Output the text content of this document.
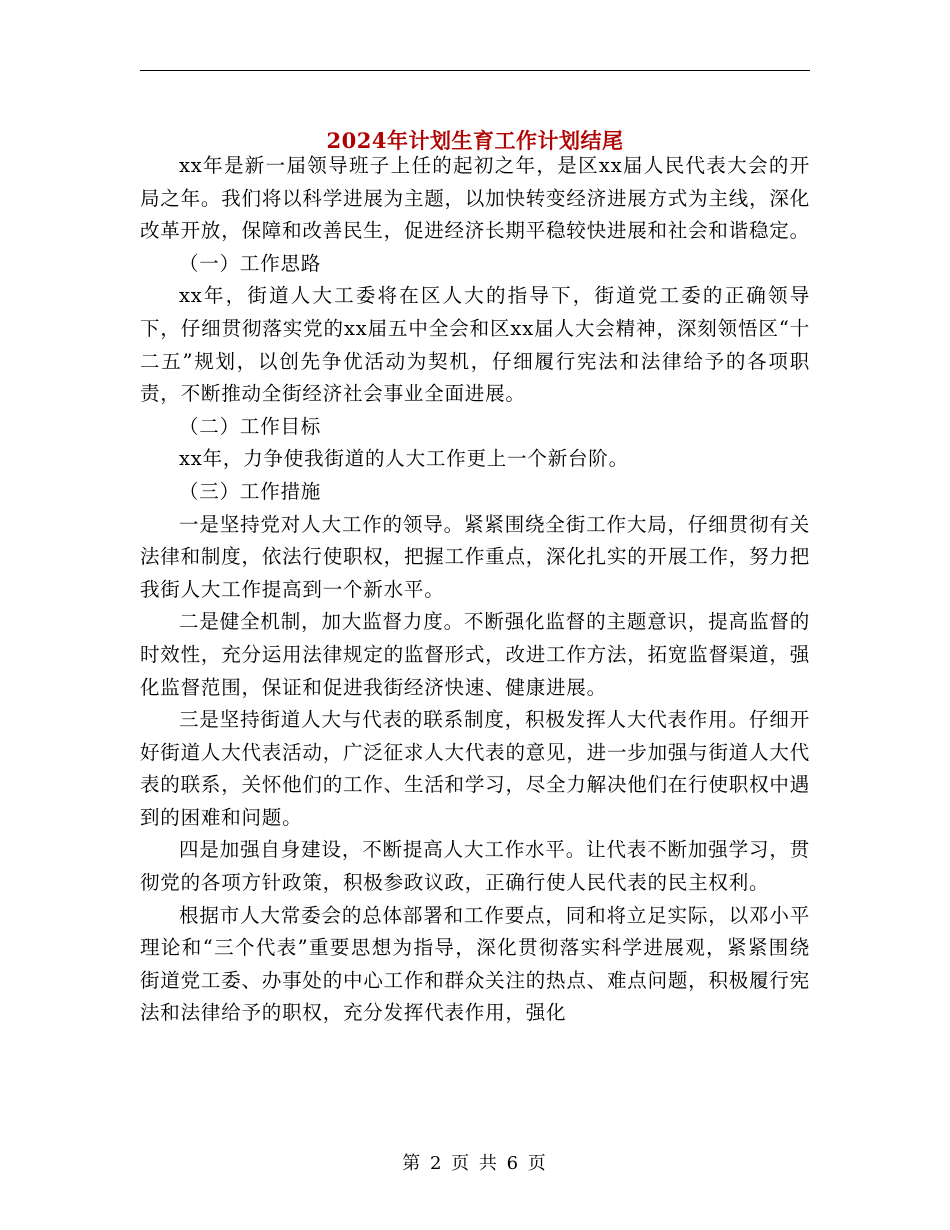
2024年计划生育工作计划结尾

xx年是新一届领导班子上任的起初之年，是区xx届人民代表大会的开局之年。我们将以科学进展为主题，以加快转变经济进展方式为主线，深化改革开放，保障和改善民生，促进经济长期平稳较快进展和社会和谐稳定。

（一）工作思路

xx年，街道人大工委将在区人大的指导下，街道党工委的正确领导下，仔细贯彻落实党的xx届五中全会和区xx届人大会精神，深刻领悟区“十二五”规划，以创先争优活动为契机，仔细履行宪法和法律给予的各项职责，不断推动全街经济社会事业全面进展。

（二）工作目标

xx年，力争使我街道的人大工作更上一个新台阶。

（三）工作措施

一是坚持党对人大工作的领导。紧紧围绕全街工作大局，仔细贯彻有关法律和制度，依法行使职权，把握工作重点，深化扎实的开展工作，努力把我街人大工作提高到一个新水平。

二是健全机制，加大监督力度。不断强化监督的主题意识，提高监督的时效性，充分运用法律规定的监督形式，改进工作方法，拓宽监督渠道，强化监督范围，保证和促进我街经济快速、健康进展。

三是坚持街道人大与代表的联系制度，积极发挥人大代表作用。仔细开好街道人大代表活动，广泛征求人大代表的意见，进一步加强与街道人大代表的联系，关怀他们的工作、生活和学习，尽全力解决他们在行使职权中遇到的困难和问题。

四是加强自身建设，不断提高人大工作水平。让代表不断加强学习，贯彻党的各项方针政策，积极参政议政，正确行使人民代表的民主权利。

根据市人大常委会的总体部署和工作要点，同和将立足实际，以邓小平理论和“三个代表”重要思想为指导，深化贯彻落实科学进展观，紧紧围绕街道党工委、办事处的中心工作和群众关注的热点、难点问题，积极履行宪法和法律给予的职权，充分发挥代表作用，强化

第 2 页 共 6 页
